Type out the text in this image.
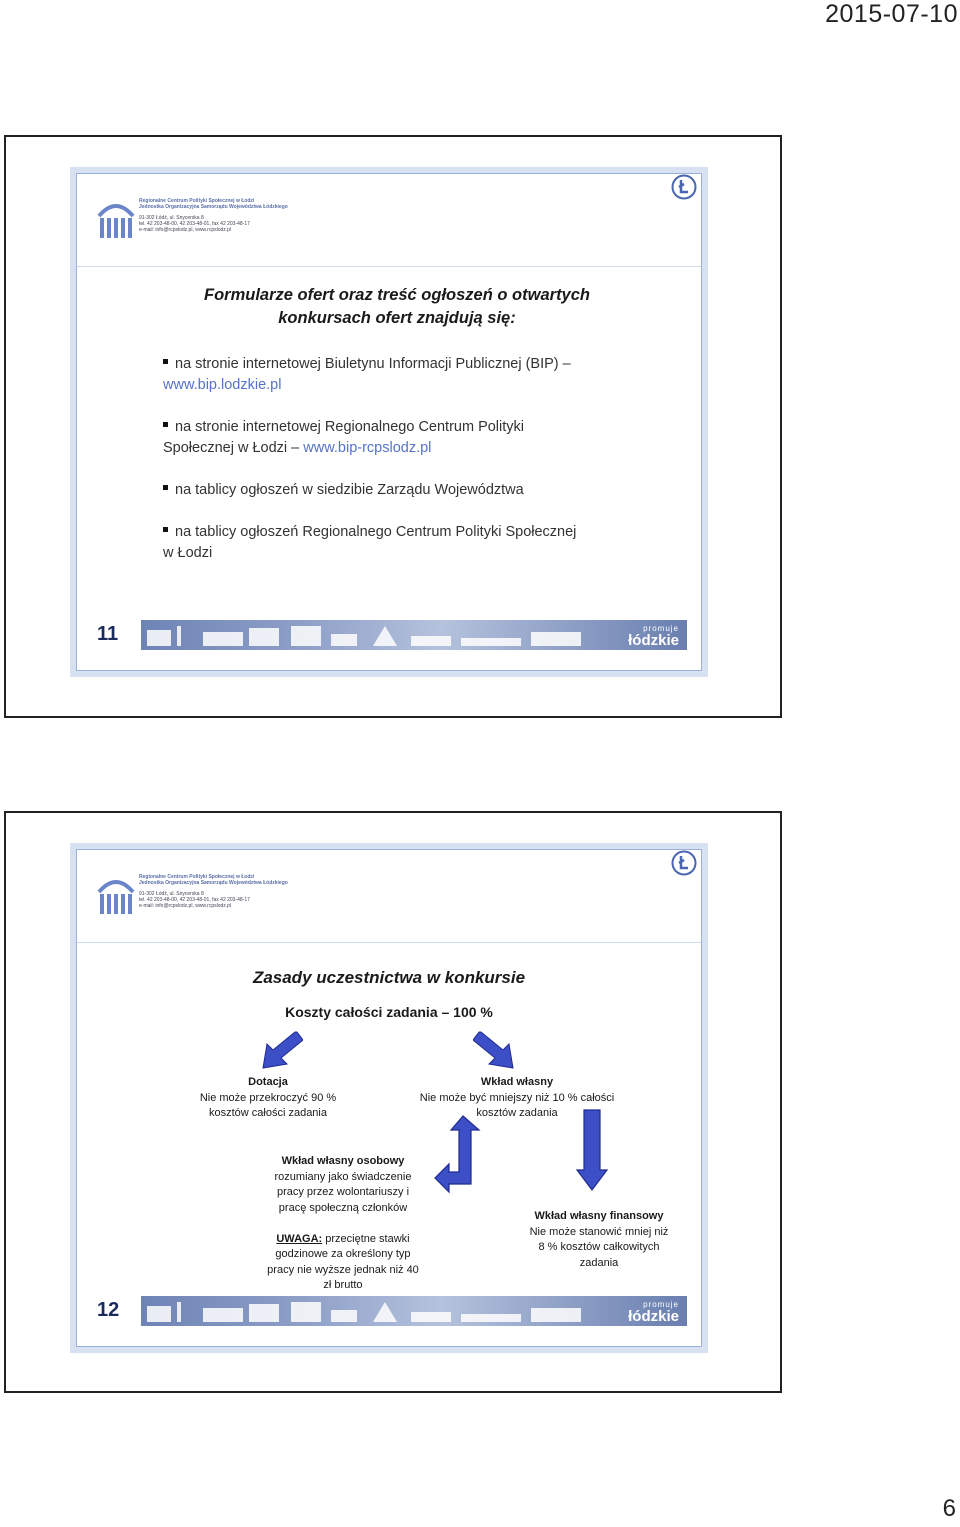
2015-07-10
Regionalne Centrum Polityki Społecznej w Łodzi
Jednostka Organizacyjna Samorządu Województwa Łódzkiego
91-302 Łódź, ul. Snycerska 8
tel. 42 203-48-00, 42 203-48-01, fax 42 203-48-17
e-mail: info@rcpslodz.pl, www.rcpslodz.pl
Formularze ofert oraz treść ogłoszeń o otwartych
konkursach ofert znajdują się:
na stronie internetowej Biuletynu Informacji Publicznej (BIP) –
www.bip.lodzkie.pl
na stronie internetowej Regionalnego Centrum Polityki
Społecznej w Łodzi – www.bip-rcpslodz.pl
na tablicy ogłoszeń w siedzibie Zarządu Województwa
na tablicy ogłoszeń Regionalnego Centrum Polityki Społecznej
w Łodzi
11	promuje
łódzkie
Regionalne Centrum Polityki Społecznej w Łodzi
Jednostka Organizacyjna Samorządu Województwa Łódzkiego
91-302 Łódź, ul. Snycerska 8
tel. 42 203-48-00, 42 203-48-01, fax 42 203-48-17
e-mail: info@rcpslodz.pl, www.rcpslodz.pl
Zasady uczestnictwa w konkursie
Koszty całości zadania – 100 %
Dotacja
Nie może przekroczyć 90 %
kosztów całości zadania
Wkład własny
Nie może być mniejszy niż 10 % całości
kosztów zadania
Wkład własny osobowy
rozumiany jako świadczenie
pracy przez wolontariuszy i
pracę społeczną członków

UWAGA: przeciętne stawki
godzinowe za określony typ
pracy nie wyższe jednak niż 40
zł brutto
Wkład własny finansowy
Nie może stanowić mniej niż
8 % kosztów całkowitych
zadania
12	promuje
łódzkie
6
